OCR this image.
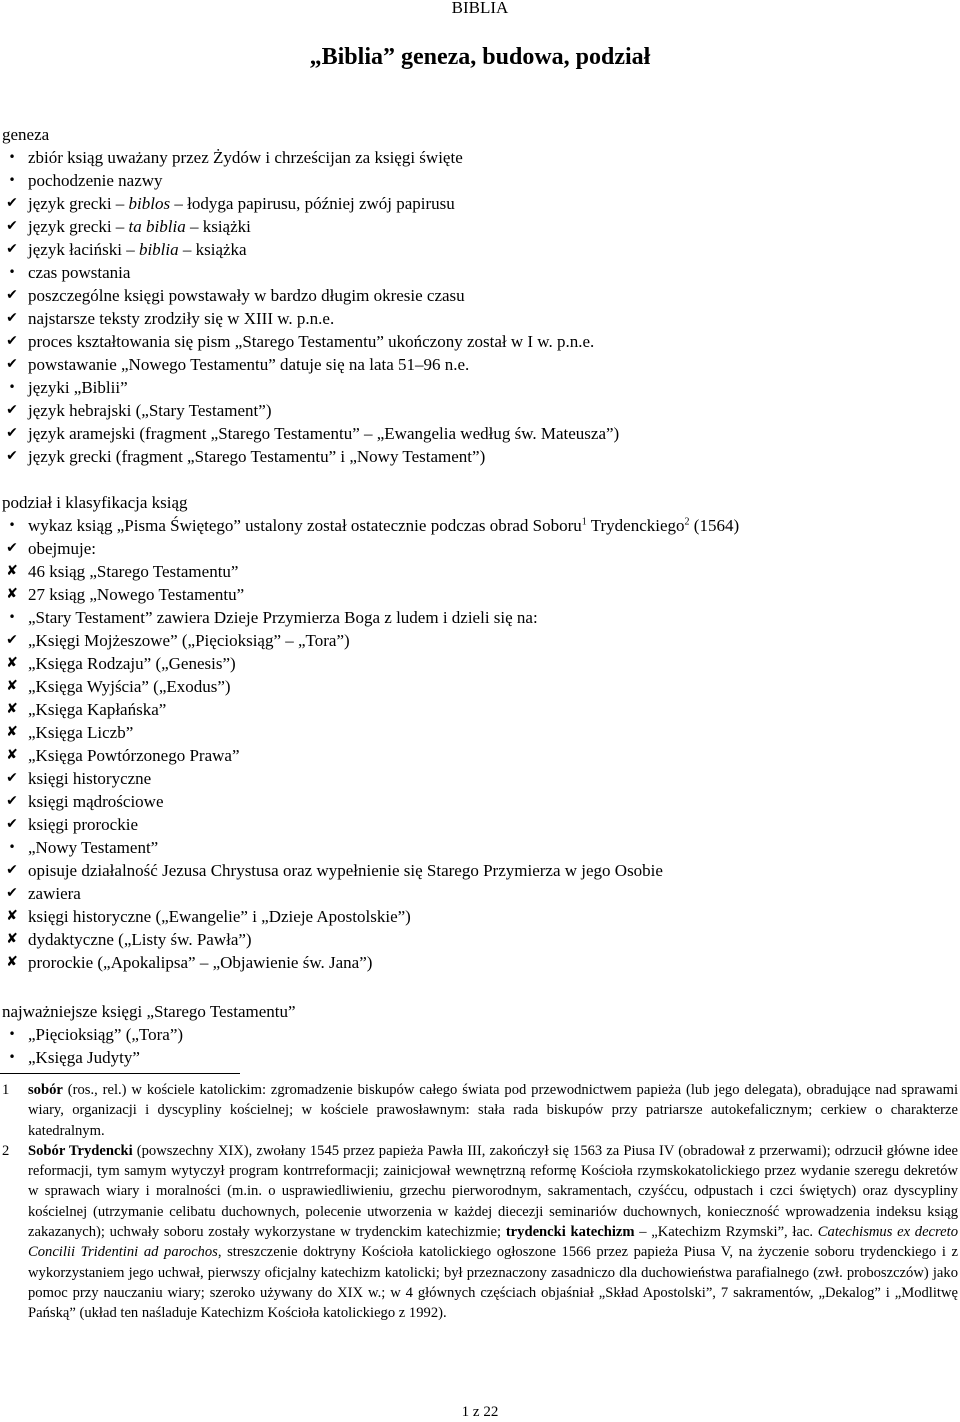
BIBLIA
„Biblia” geneza, budowa, podział
geneza
• zbiór ksiąg uważany przez Żydów i chrześcijan za księgi święte
• pochodzenie nazwy
✔ język grecki – biblos – łodyga papirusu, później zwój papirusu
✔ język grecki – ta biblia – książki
✔ język łaciński – biblia – książka
• czas powstania
✔ poszczególne księgi powstawały w bardzo długim okresie czasu
✔ najstarsze teksty zrodziły się w XIII w. p.n.e.
✔ proces kształtowania się pism „Starego Testamentu” ukończony został w I w. p.n.e.
✔ powstawanie „Nowego Testamentu” datuje się na lata 51–96 n.e.
• języki „Biblii”
✔ język hebrajski („Stary Testament”)
✔ język aramejski (fragment „Starego Testamentu” – „Ewangelia według św. Mateusza”)
✔ język grecki (fragment „Starego Testamentu” i „Nowy Testament”)
podział i klasyfikacja ksiąg
• wykaz ksiąg „Pisma Świętego” ustalony został ostatecznie podczas obrad Soboru$^1$ Trydenckiego$^2$ (1564)
✔ obejmuje:
✘ 46 ksiąg „Starego Testamentu”
✘ 27 ksiąg „Nowego Testamentu”
• „Stary Testament” zawiera Dzieje Przymierza Boga z ludem i dzieli się na:
✔ „Księgi Mojżeszowe” („Pięcioksiąg” – „Tora”)
✘ „Księga Rodzaju” („Genesis”)
✘ „Księga Wyjścia” („Exodus”)
✘ „Księga Kapłańska”
✘ „Księga Liczb”
✘ „Księga Powtórzonego Prawa”
✔ księgi historyczne
✔ księgi mądrościowe
✔ księgi prorockie
• „Nowy Testament”
✔ opisuje działalność Jezusa Chrystusa oraz wypełnienie się Starego Przymierza w jego Osobie
✔ zawiera
✘ księgi historyczne („Ewangelie” i „Dzieje Apostolskie”)
✘ dydaktyczne („Listy św. Pawła”)
✘ prorockie („Apokalipsa” – „Objawienie św. Jana”)
najważniejsze księgi „Starego Testamentu”
• „Pięcioksiąg” („Tora”)
• „Księga Judyty”
1 sobór (ros., rel.) w kościele katolickim: zgromadzenie biskupów całego świata pod przewodnictwem papieża (lub jego delegata), obradujące nad sprawami wiary, organizacji i dyscypliny kościelnej; w kościele prawosławnym: stała rada biskupów przy patriarsze autokefalicznym; cerkiew o charakterze katedralnym.
2 Sobór Trydencki (powszechny XIX), zwołany 1545 przez papieża Pawła III, zakończył się 1563 za Piusa IV (obradował z przerwami); odrzucił główne idee reformacji, tym samym wytyczył program kontrreformacji; zainicjował wewnętrzną reformę Kościoła rzymskokatolickiego przez wydanie szeregu dekretów w sprawach wiary i moralności (m.in. o usprawiedliwieniu, grzechu pierworodnym, sakramentach, czyśćcu, odpustach i czci świętych) oraz dyscypliny kościelnej (utrzymanie celibatu duchownych, polecenie utworzenia w każdej diecezji seminariów duchownych, konieczność wprowadzenia indeksu ksiąg zakazanych); uchwały soboru zostały wykorzystane w trydenckim katechizmie; trydencki katechizm – „Katechizm Rzymski”, łac. Catechismus ex decreto Concilii Tridentini ad parochos, streszczenie doktryny Kościoła katolickiego ogłoszone 1566 przez papieża Piusa V, na życzenie soboru trydenckiego i z wykorzystaniem jego uchwał, pierwszy oficjalny katechizm katolicki; był przeznaczony zasadniczo dla duchowieństwa parafialnego (zwł. proboszczów) jako pomoc przy nauczaniu wiary; szeroko używany do XIX w.; w 4 głównych częściach objaśniał „Skład Apostolski”, 7 sakramentów, „Dekalog” i „Modlitwę Pańską” (układ ten naśladuje Katechizm Kościoła katolickiego z 1992).
1 z 22
